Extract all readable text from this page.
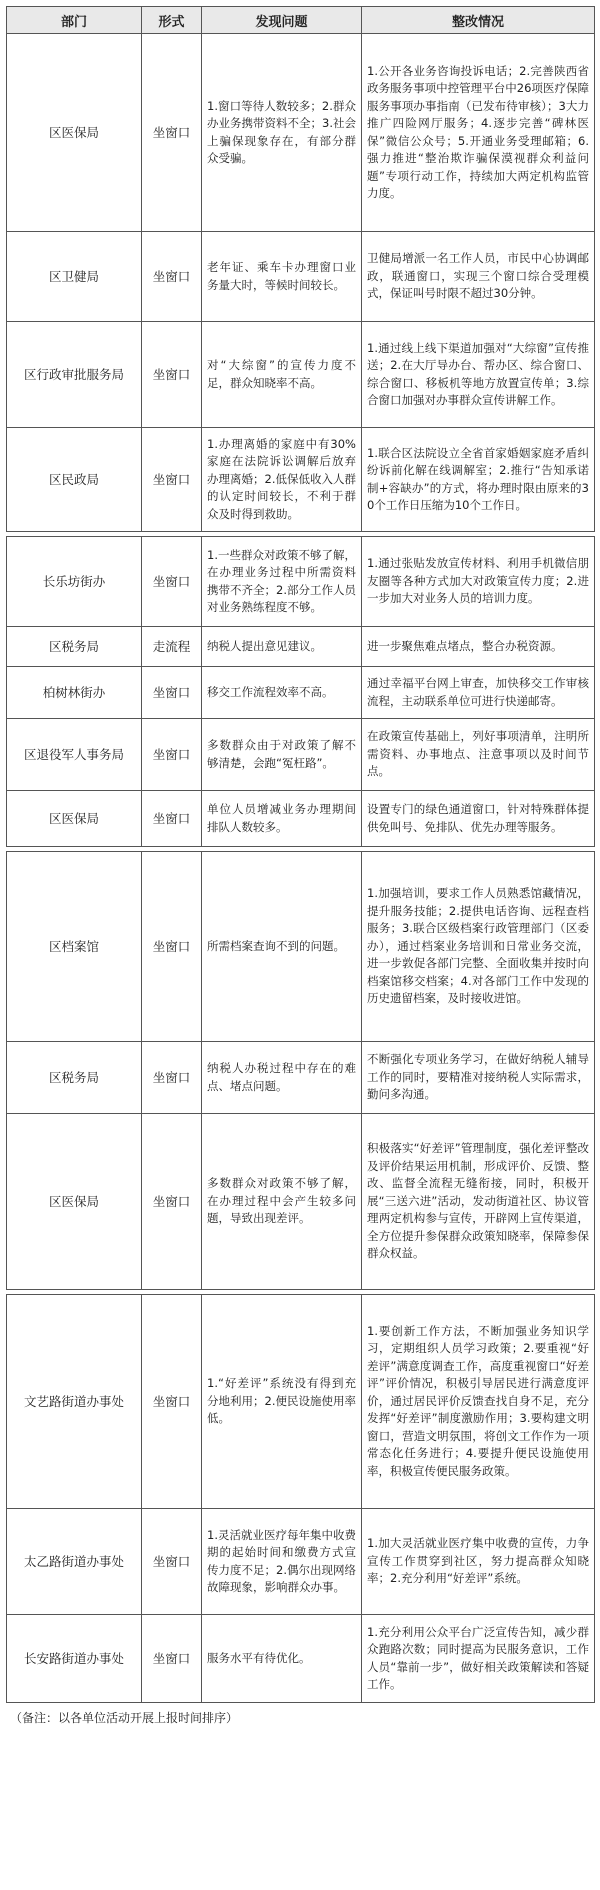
部门	形式	发现问题	整改情况
区医保局	坐窗口	1.窗口等待人数较多；2.群众办业务携带资料不全；3.社会上骗保现象存在，有部分群众受骗。	1.公开各业务咨询投诉电话；2.完善陕西省政务服务事项中控管理平台中26项医疗保障服务事项办事指南（已发布待审核）；3大力推广四险网厅服务；4.逐步完善“碑林医保”微信公众号；5.开通业务受理邮箱；6.强力推进“整治欺诈骗保漠视群众利益问题”专项行动工作，持续加大两定机构监管力度。
区卫健局	坐窗口	老年证、乘车卡办理窗口业务量大时，等候时间较长。	卫健局增派一名工作人员，市民中心协调邮政，联通窗口，实现三个窗口综合受理模式，保证叫号时限不超过30分钟。
区行政审批服务局	坐窗口	对“大综窗”的宣传力度不足，群众知晓率不高。	1.通过线上线下渠道加强对“大综窗”宣传推送；2.在大厅导办台、帮办区、综合窗口、综合窗口、移板机等地方放置宣传单；3.综合窗口加强对办事群众宣传讲解工作。
区民政局	坐窗口	1.办理离婚的家庭中有30%家庭在法院诉讼调解后放弃办理离婚；2.低保低收入人群的认定时间较长，不利于群众及时得到救助。	1.联合区法院设立全省首家婚姻家庭矛盾纠纷诉前化解在线调解室；2.推行“告知承诺制+容缺办”的方式，将办理时限由原来的30个工作日压缩为10个工作日。

长乐坊街办	坐窗口	1.一些群众对政策不够了解，在办理业务过程中所需资料携带不齐全；2.部分工作人员对业务熟练程度不够。	1.通过张贴发放宣传材料、利用手机微信朋友圈等各种方式加大对政策宣传力度；2.进一步加大对业务人员的培训力度。
区税务局	走流程	纳税人提出意见建议。	进一步聚焦难点堵点，整合办税资源。
柏树林街办	坐窗口	移交工作流程效率不高。	通过幸福平台网上审查，加快移交工作审核流程，主动联系单位可进行快递邮寄。
区退役军人事务局	坐窗口	多数群众由于对政策了解不够清楚，会跑“冤枉路”。	在政策宣传基础上，列好事项清单，注明所需资料、办事地点、注意事项以及时间节点。
区医保局	坐窗口	单位人员增减业务办理期间排队人数较多。	设置专门的绿色通道窗口，针对特殊群体提供免叫号、免排队、优先办理等服务。

区档案馆	坐窗口	所需档案查询不到的问题。	1.加强培训，要求工作人员熟悉馆藏情况，提升服务技能；2.提供电话咨询、远程查档服务；3.联合区级档案行政管理部门（区委办），通过档案业务培训和日常业务交流，进一步敦促各部门完整、全面收集并按时向档案馆移交档案；4.对各部门工作中发现的历史遗留档案，及时接收进馆。
区税务局	坐窗口	纳税人办税过程中存在的难点、堵点问题。	不断强化专项业务学习，在做好纳税人辅导工作的同时，要精准对接纳税人实际需求，勤问多沟通。
区医保局	坐窗口	多数群众对政策不够了解，在办理过程中会产生较多问题，导致出现差评。	积极落实“好差评”管理制度，强化差评整改及评价结果运用机制，形成评价、反馈、整改、监督全流程无缝衔接，同时，积极开展“三送六进”活动，发动街道社区、协议管理两定机构参与宣传，开辟网上宣传渠道，全方位提升参保群众政策知晓率，保障参保群众权益。

文艺路街道办事处	坐窗口	1.“好差评”系统没有得到充分地利用；2.便民设施使用率低。	1.要创新工作方法，不断加强业务知识学习，定期组织人员学习政策；2.要重视“好差评”满意度调查工作，高度重视窗口“好差评”评价情况，积极引导居民进行满意度评价，通过居民评价反馈查找自身不足，充分发挥“好差评”制度激励作用；3.要构建文明窗口，营造文明氛围，将创文工作作为一项常态化任务进行；4.要提升便民设施使用率，积极宣传便民服务政策。
太乙路街道办事处	坐窗口	1.灵活就业医疗每年集中收费期的起始时间和缴费方式宣传力度不足；2.偶尔出现网络故障现象，影响群众办事。	1.加大灵活就业医疗集中收费的宣传，力争宣传工作贯穿到社区，努力提高群众知晓率；2.充分利用“好差评”系统。
长安路街道办事处	坐窗口	服务水平有待优化。	1.充分利用公众平台广泛宣传告知，减少群众跑路次数；同时提高为民服务意识，工作人员“靠前一步”，做好相关政策解读和答疑工作。
（备注：以各单位活动开展上报时间排序）
